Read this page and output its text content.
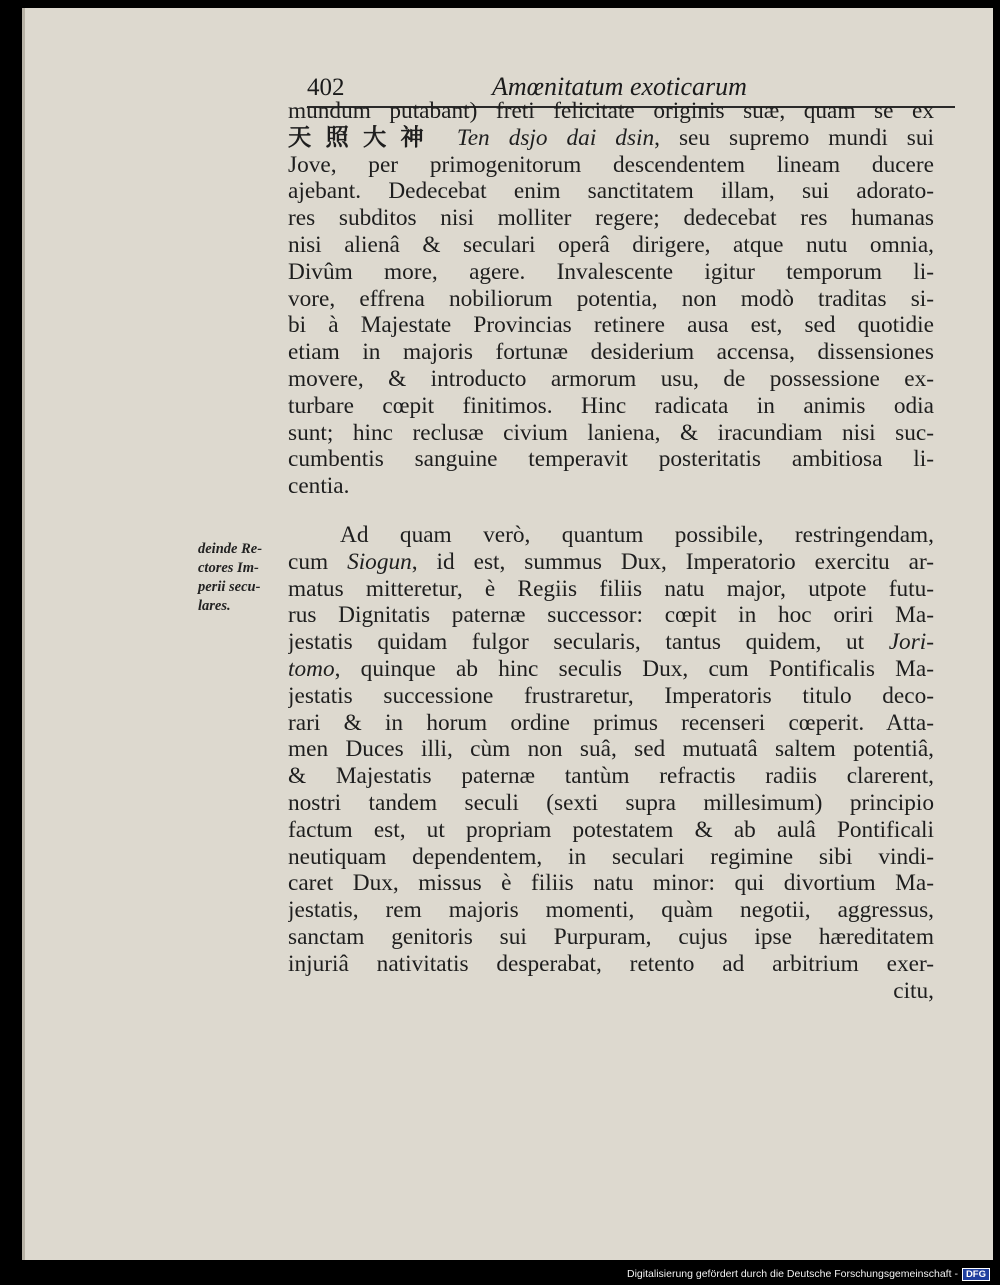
402	Amœnitatum exoticarum
deinde Re-
ctores Im-
perii secu-
lares.
mundum putabant) freti felicitate originis suæ, quam se ex
天照大神 Ten dsjo dai dsin, seu supremo mundi sui
Jove, per primogenitorum descendentem lineam ducere
ajebant. Dedecebat enim sanctitatem illam, sui adorato-
res subditos nisi molliter regere; dedecebat res humanas
nisi alienâ & seculari operâ dirigere, atque nutu omnia,
Divûm more, agere. Invalescente igitur temporum li-
vore, effrena nobiliorum potentia, non modò traditas si-
bi à Majestate Provincias retinere ausa est, sed quotidie
etiam in majoris fortunæ desiderium accensa, dissensiones
movere, & introducto armorum usu, de possessione ex-
turbare cœpit finitimos. Hinc radicata in animis odia
sunt; hinc reclusæ civium laniena, & iracundiam nisi suc-
cumbentis sanguine temperavit posteritatis ambitiosa li-
centia.
Ad quam verò, quantum possibile, restringendam,
cum Siogun, id est, summus Dux, Imperatorio exercitu ar-
matus mitteretur, è Regiis filiis natu major, utpote futu-
rus Dignitatis paternæ successor: cœpit in hoc oriri Ma-
jestatis quidam fulgor secularis, tantus quidem, ut Jori-
tomo, quinque ab hinc seculis Dux, cum Pontificalis Ma-
jestatis successione frustraretur, Imperatoris titulo deco-
rari & in horum ordine primus recenseri cœperit. Atta-
men Duces illi, cùm non suâ, sed mutuatâ saltem potentiâ,
& Majestatis paternæ tantùm refractis radiis clarerent,
nostri tandem seculi (sexti supra millesimum) principio
factum est, ut propriam potestatem & ab aulâ Pontificali
neutiquam dependentem, in seculari regimine sibi vindi-
caret Dux, missus è filiis natu minor: qui divortium Ma-
jestatis, rem majoris momenti, quàm negotii, aggressus,
sanctam genitoris sui Purpuram, cujus ipse hæreditatem
injuriâ nativitatis desperabat, retento ad arbitrium exer-
citu,
Digitalisierung gefördert durch die Deutsche Forschungsgemeinschaft - DFG
